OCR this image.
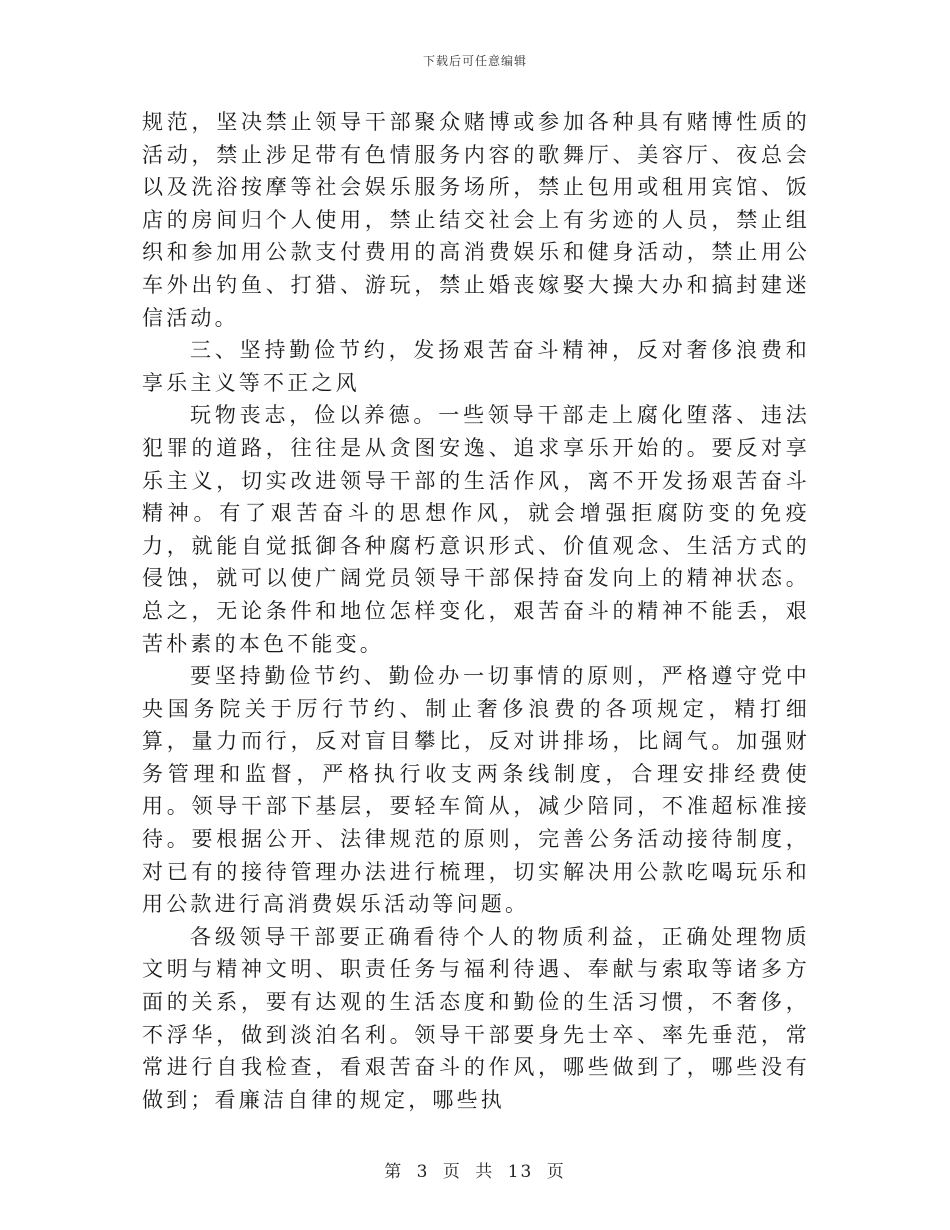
下载后可任意编辑

规范，坚决禁止领导干部聚众赌博或参加各种具有赌博性质的活动，禁止涉足带有色情服务内容的歌舞厅、美容厅、夜总会以及洗浴按摩等社会娱乐服务场所，禁止包用或租用宾馆、饭店的房间归个人使用，禁止结交社会上有劣迹的人员，禁止组织和参加用公款支付费用的高消费娱乐和健身活动，禁止用公车外出钓鱼、打猎、游玩，禁止婚丧嫁娶大操大办和搞封建迷信活动。

三、坚持勤俭节约，发扬艰苦奋斗精神，反对奢侈浪费和享乐主义等不正之风

玩物丧志，俭以养德。一些领导干部走上腐化堕落、违法犯罪的道路，往往是从贪图安逸、追求享乐开始的。要反对享乐主义，切实改进领导干部的生活作风，离不开发扬艰苦奋斗精神。有了艰苦奋斗的思想作风，就会增强拒腐防变的免疫力，就能自觉抵御各种腐朽意识形式、价值观念、生活方式的侵蚀，就可以使广阔党员领导干部保持奋发向上的精神状态。总之，无论条件和地位怎样变化，艰苦奋斗的精神不能丢，艰苦朴素的本色不能变。

要坚持勤俭节约、勤俭办一切事情的原则，严格遵守党中央国务院关于厉行节约、制止奢侈浪费的各项规定，精打细算，量力而行，反对盲目攀比，反对讲排场，比阔气。加强财务管理和监督，严格执行收支两条线制度，合理安排经费使用。领导干部下基层，要轻车简从，减少陪同，不准超标准接待。要根据公开、法律规范的原则，完善公务活动接待制度，对已有的接待管理办法进行梳理，切实解决用公款吃喝玩乐和用公款进行高消费娱乐活动等问题。

各级领导干部要正确看待个人的物质利益，正确处理物质文明与精神文明、职责任务与福利待遇、奉献与索取等诸多方面的关系，要有达观的生活态度和勤俭的生活习惯，不奢侈，不浮华，做到淡泊名利。领导干部要身先士卒、率先垂范，常常进行自我检查，看艰苦奋斗的作风，哪些做到了，哪些没有做到；看廉洁自律的规定，哪些执

第 3 页 共 13 页
